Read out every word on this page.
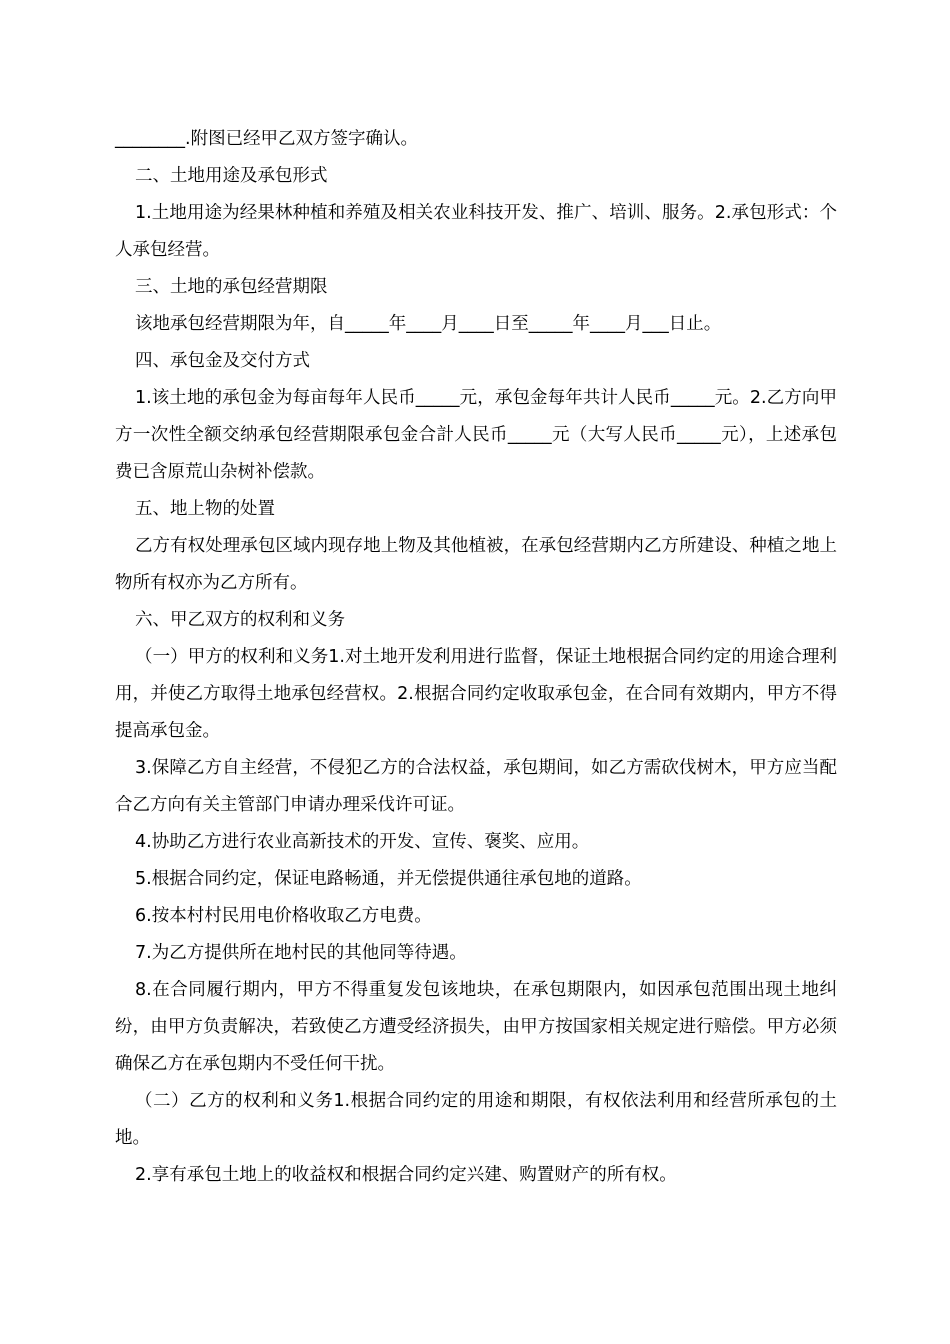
________.附图已经甲乙双方签字确认。

二、土地用途及承包形式

1.土地用途为经果林种植和养殖及相关农业科技开发、推广、培训、服务。2.承包形式：个人承包经营。

三、土地的承包经营期限

该地承包经营期限为年，自_____年____月____日至_____年____月___日止。

四、承包金及交付方式

1.该土地的承包金为每亩每年人民币_____元，承包金每年共计人民币_____元。2.乙方向甲方一次性全额交纳承包经营期限承包金合計人民币_____元（大写人民币_____元），上述承包费已含原荒山杂树补偿款。

五、地上物的处置

乙方有权处理承包区域内现存地上物及其他植被，在承包经营期内乙方所建设、种植之地上物所有权亦为乙方所有。

六、甲乙双方的权利和义务

（一）甲方的权利和义务1.对土地开发利用进行监督，保证土地根据合同约定的用途合理利用，并使乙方取得土地承包经营权。2.根据合同约定收取承包金，在合同有效期内，甲方不得提高承包金。

3.保障乙方自主经营，不侵犯乙方的合法权益，承包期间，如乙方需砍伐树木，甲方应当配合乙方向有关主管部门申请办理采伐许可证。

4.协助乙方进行农业高新技术的开发、宣传、褒奖、应用。

5.根据合同约定，保证电路畅通，并无偿提供通往承包地的道路。

6.按本村村民用电价格收取乙方电费。

7.为乙方提供所在地村民的其他同等待遇。

8.在合同履行期内，甲方不得重复发包该地块，在承包期限内，如因承包范围出现土地纠纷，由甲方负责解决，若致使乙方遭受经济损失，由甲方按国家相关规定进行赔偿。甲方必须确保乙方在承包期内不受任何干扰。

（二）乙方的权利和义务1.根据合同约定的用途和期限，有权依法利用和经营所承包的土地。

2.享有承包土地上的收益权和根据合同约定兴建、购置财产的所有权。
